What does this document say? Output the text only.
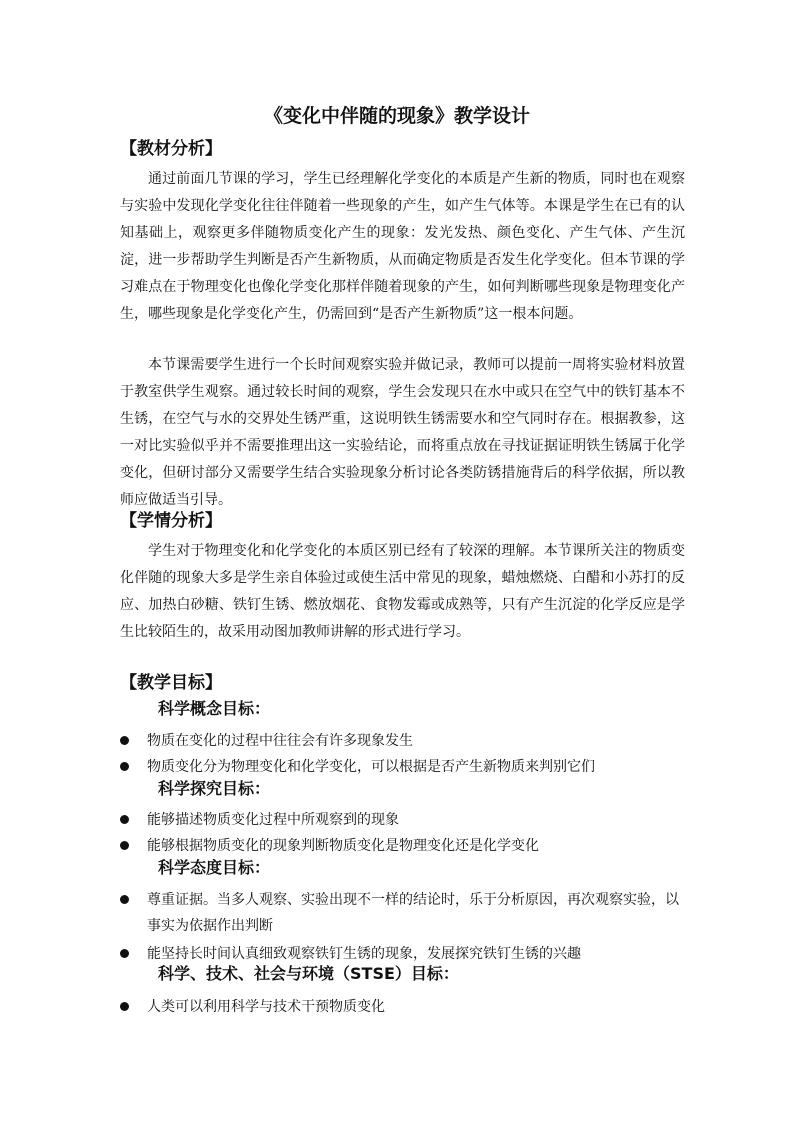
《变化中伴随的现象》教学设计
【教材分析】

通过前面几节课的学习，学生已经理解化学变化的本质是产生新的物质，同时也在观察与实验中发现化学变化往往伴随着一些现象的产生，如产生气体等。本课是学生在已有的认知基础上，观察更多伴随物质变化产生的现象：发光发热、颜色变化、产生气体、产生沉淀，进一步帮助学生判断是否产生新物质，从而确定物质是否发生化学变化。但本节课的学习难点在于物理变化也像化学变化那样伴随着现象的产生，如何判断哪些现象是物理变化产生，哪些现象是化学变化产生，仍需回到“是否产生新物质”这一根本问题。

本节课需要学生进行一个长时间观察实验并做记录，教师可以提前一周将实验材料放置于教室供学生观察。通过较长时间的观察，学生会发现只在水中或只在空气中的铁钉基本不生锈，在空气与水的交界处生锈严重，这说明铁生锈需要水和空气同时存在。根据教参，这一对比实验似乎并不需要推理出这一实验结论，而将重点放在寻找证据证明铁生锈属于化学变化，但研讨部分又需要学生结合实验现象分析讨论各类防锈措施背后的科学依据，所以教师应做适当引导。

【学情分析】

学生对于物理变化和化学变化的本质区别已经有了较深的理解。本节课所关注的物质变化伴随的现象大多是学生亲自体验过或使生活中常见的现象，蜡烛燃烧、白醋和小苏打的反应、加热白砂糖、铁钉生锈、燃放烟花、食物发霉或成熟等，只有产生沉淀的化学反应是学生比较陌生的，故采用动图加教师讲解的形式进行学习。

【教学目标】
科学概念目标：
物质在变化的过程中往往会有许多现象发生
物质变化分为物理变化和化学变化，可以根据是否产生新物质来判别它们
科学探究目标：
能够描述物质变化过程中所观察到的现象
能够根据物质变化的现象判断物质变化是物理变化还是化学变化
科学态度目标：
尊重证据。当多人观察、实验出现不一样的结论时，乐于分析原因，再次观察实验，以事实为依据作出判断
能坚持长时间认真细致观察铁钉生锈的现象，发展探究铁钉生锈的兴趣
科学、技术、社会与环境（STSE）目标：
人类可以利用科学与技术干预物质变化
